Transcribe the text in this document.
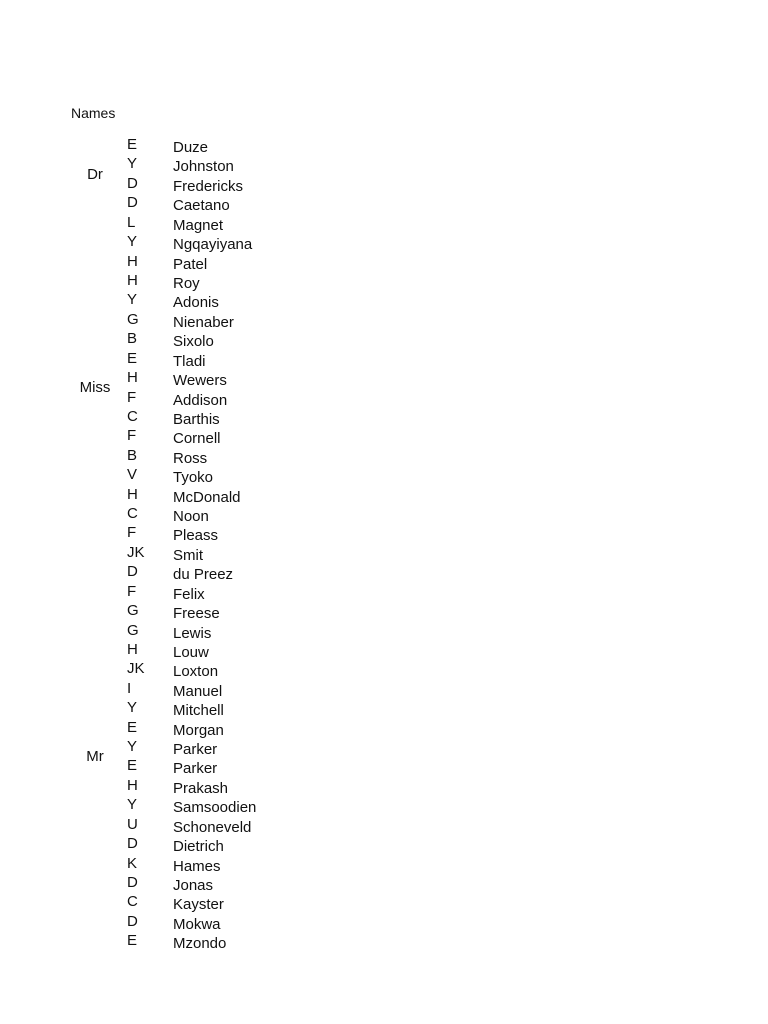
Names
Dr
Miss
Mr
E Duze
Y Johnston
D Fredericks
D Caetano
L	Magnet
Y Ngqayiyana
H Patel
H Roy
Y Adonis
G Nienaber
B Sixolo
E Tladi
H Wewers
F Addison
C Barthis
F Cornell
B Ross
V Tyoko
H McDonald
C Noon
F Pleass
JK Smit
D du Preez
F Felix
G Freese
G Lewis
H Louw
JK Loxton
I	Manuel
Y Mitchell
E Morgan
Y Parker
E Parker
H Prakash
Y Samsoodien
U Schoneveld
D Dietrich
K Hames
D Jonas
C Kayster
D Mokwa
E Mzondo
